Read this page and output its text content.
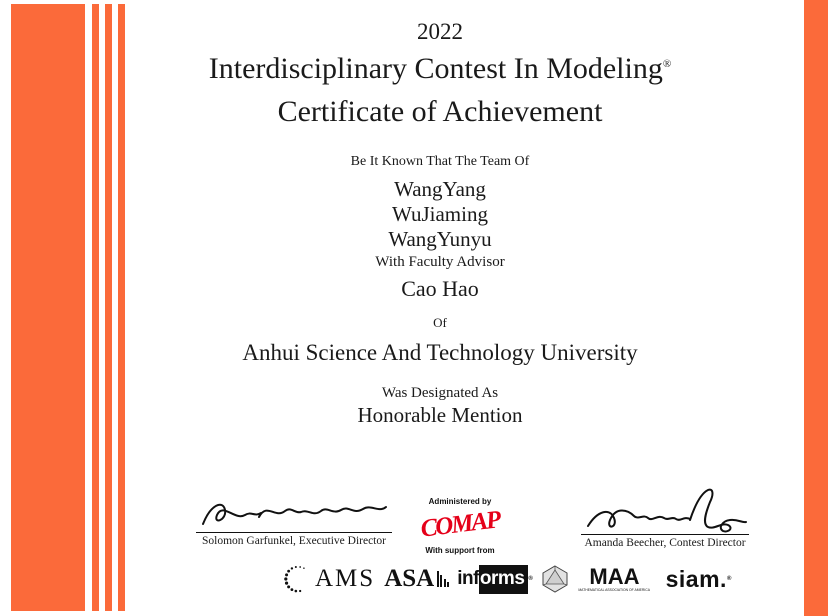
2022
Interdisciplinary Contest In Modeling®
Certificate of Achievement
Be It Known That The Team Of
WangYang
WuJiaming
WangYunyu
With Faculty Advisor
Cao Hao
Of
Anhui Science And Technology University
Was Designated As
Honorable Mention
Solomon Garfunkel, Executive Director
Administered by
COMAP
With support from
Amanda Beecher, Contest Director
AMS ASA inf orms ®	MAA
MATHEMATICAL ASSOCIATION OF AMERICA siam. ®
